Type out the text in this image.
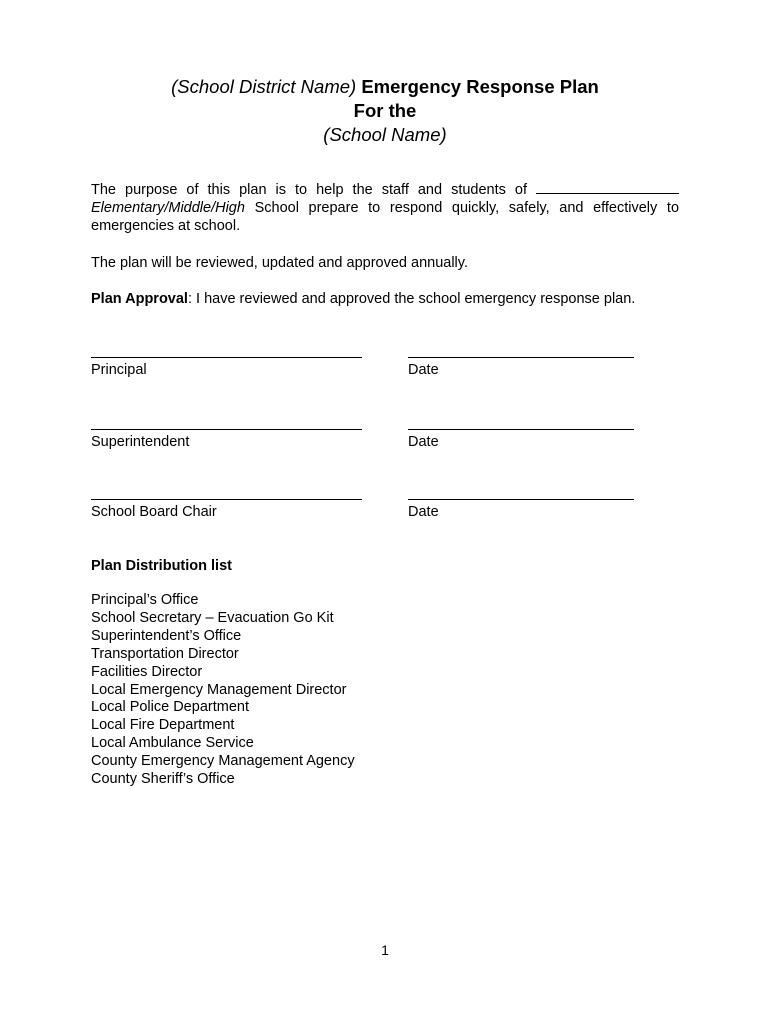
(School District Name) Emergency Response Plan
For the
(School Name)
The purpose of this plan is to help the staff and students of  Elementary/Middle/High School prepare to respond quickly, safely, and effectively to emergencies at school.
The plan will be reviewed, updated and approved annually.
Plan Approval: I have reviewed and approved the school emergency response plan.
Principal	Date
Superintendent	Date
School Board Chair	Date
Plan Distribution list
Principal’s Office
School Secretary – Evacuation Go Kit
Superintendent’s Office
Transportation Director
Facilities Director
Local Emergency Management Director
Local Police Department
Local Fire Department
Local Ambulance Service
County Emergency Management Agency
County Sheriff’s Office
1
